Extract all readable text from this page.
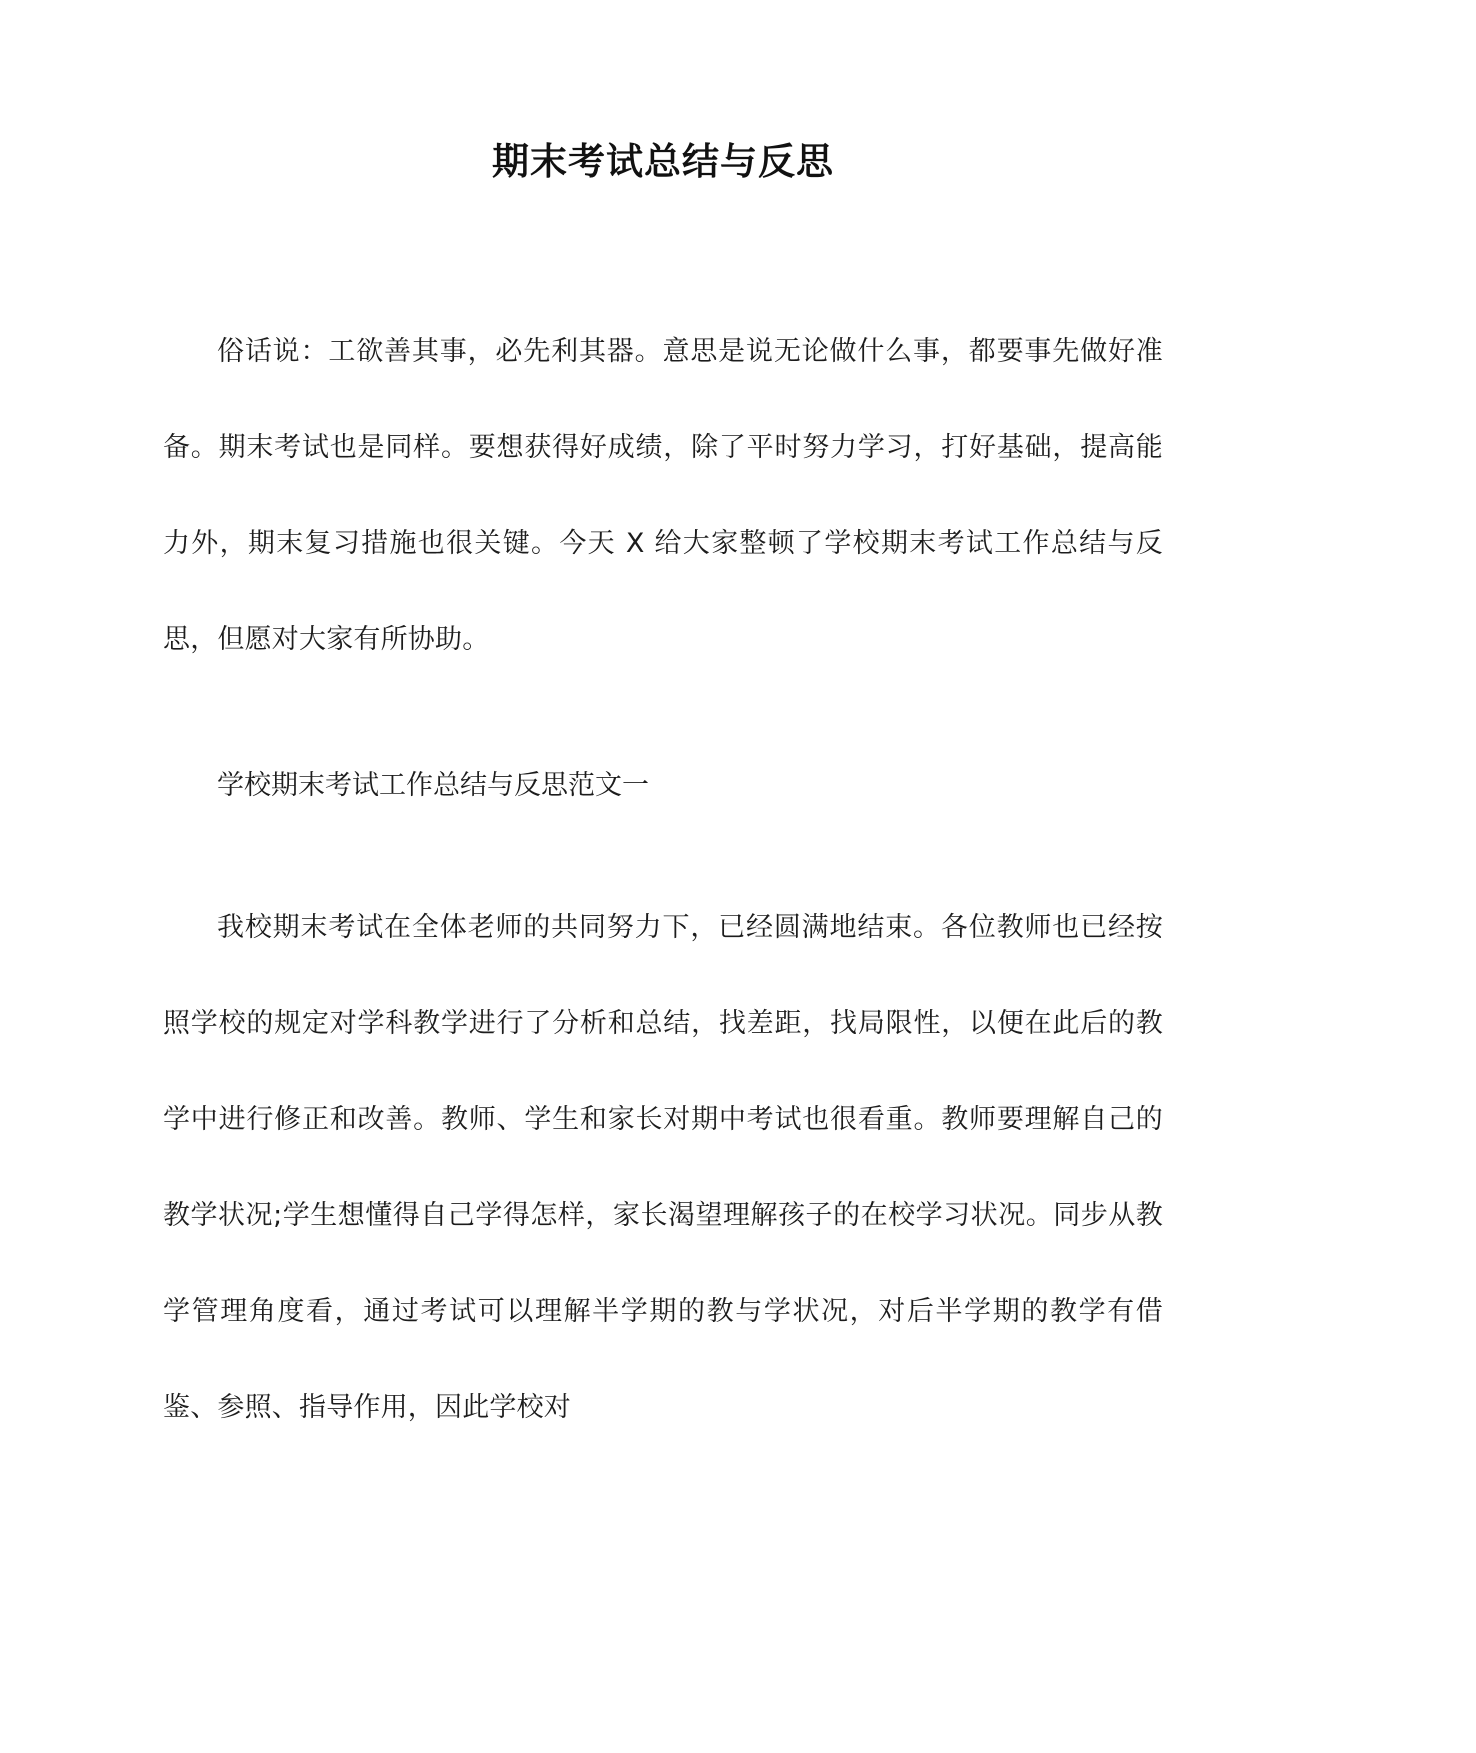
期末考试总结与反思

俗话说：工欲善其事，必先利其器。意思是说无论做什么事，都要事先做好准备。期末考试也是同样。要想获得好成绩，除了平时努力学习，打好基础，提高能力外，期末复习措施也很关键。今天 X 给大家整顿了学校期末考试工作总结与反思，但愿对大家有所协助。

学校期末考试工作总结与反思范文一

我校期末考试在全体老师的共同努力下，已经圆满地结束。各位教师也已经按照学校的规定对学科教学进行了分析和总结，找差距，找局限性，以便在此后的教学中进行修正和改善。教师、学生和家长对期中考试也很看重。教师要理解自己的教学状况;学生想懂得自己学得怎样，家长渴望理解孩子的在校学习状况。同步从教学管理角度看，通过考试可以理解半学期的教与学状况，对后半学期的教学有借鉴、参照、指导作用，因此学校对
